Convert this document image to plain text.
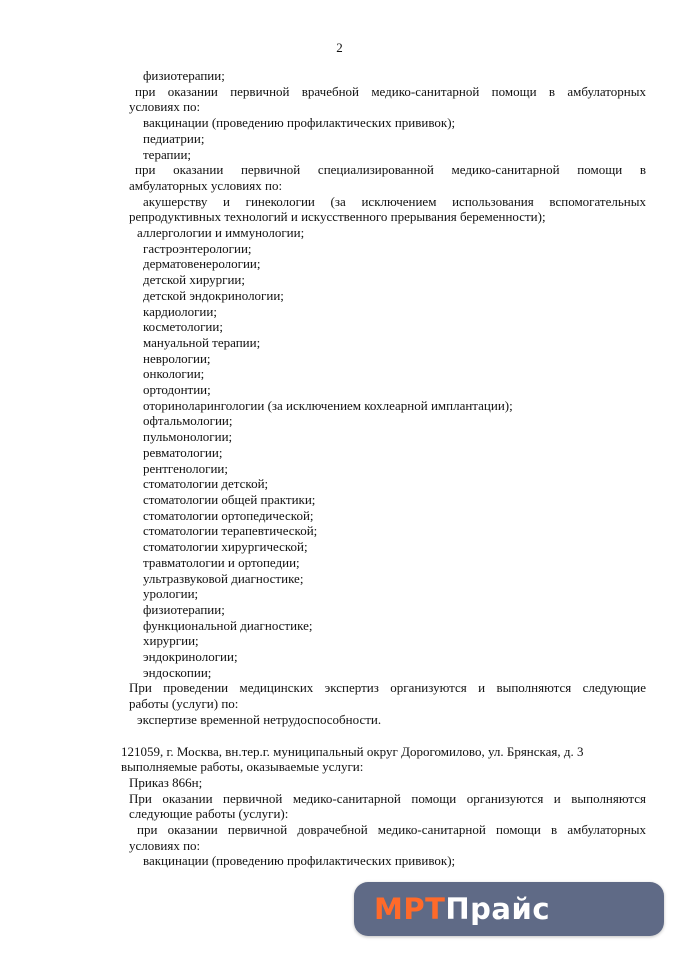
2

физиотерапии;

при оказании первичной врачебной медико-санитарной помощи в амбулаторных

условиях по:

вакцинации (проведению профилактических прививок);

педиатрии;

терапии;

при оказании первичной специализированной медико-санитарной помощи в

амбулаторных условиях по:

акушерству и гинекологии (за исключением использования вспомогательных

репродуктивных технологий и искусственного прерывания беременности);

аллергологии и иммунологии;

гастроэнтерологии;

дерматовенерологии;

детской хирургии;

детской эндокринологии;

кардиологии;

косметологии;

мануальной терапии;

неврологии;

онкологии;

ортодонтии;

оториноларингологии (за исключением кохлеарной имплантации);

офтальмологии;

пульмонологии;

ревматологии;

рентгенологии;

стоматологии детской;

стоматологии общей практики;

стоматологии ортопедической;

стоматологии терапевтической;

стоматологии хирургической;

травматологии и ортопедии;

ультразвуковой диагностике;

урологии;

физиотерапии;

функциональной диагностике;

хирургии;

эндокринологии;

эндоскопии;

При проведении медицинских экспертиз организуются и выполняются следующие

работы (услуги) по:

экспертизе временной нетрудоспособности.

121059, г. Москва, вн.тер.г. муниципальный округ Дорогомилово, ул. Брянская, д. 3

выполняемые работы, оказываемые услуги:

Приказ 866н;

При оказании первичной медико-санитарной помощи организуются и выполняются

следующие работы (услуги):

при оказании первичной доврачебной медико-санитарной помощи в амбулаторных

условиях по:

вакцинации (проведению профилактических прививок);

МРТ Прайс
